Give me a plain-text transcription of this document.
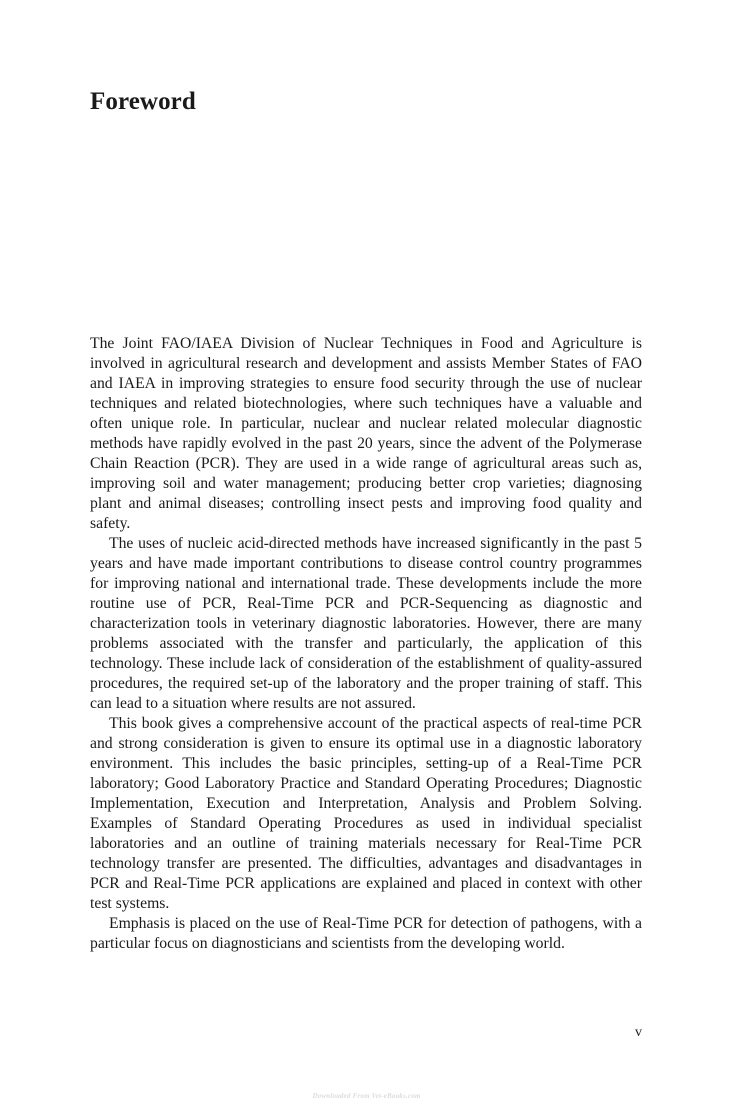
Foreword

The Joint FAO/IAEA Division of Nuclear Techniques in Food and Agriculture is involved in agricultural research and development and assists Member States of FAO and IAEA in improving strategies to ensure food security through the use of nuclear techniques and related biotechnologies, where such techniques have a valuable and often unique role. In particular, nuclear and nuclear related molecular diagnostic methods have rapidly evolved in the past 20 years, since the advent of the Polymerase Chain Reaction (PCR). They are used in a wide range of agricultural areas such as, improving soil and water management; producing better crop varieties; diagnosing plant and animal diseases; controlling insect pests and improving food quality and safety.

The uses of nucleic acid-directed methods have increased significantly in the past 5 years and have made important contributions to disease control country programmes for improving national and international trade. These developments include the more routine use of PCR, Real-Time PCR and PCR-Sequencing as diagnostic and characterization tools in veterinary diagnostic laboratories. However, there are many problems associated with the transfer and particularly, the application of this technology. These include lack of consideration of the establishment of quality-assured procedures, the required set-up of the laboratory and the proper training of staff. This can lead to a situation where results are not assured.

This book gives a comprehensive account of the practical aspects of real-time PCR and strong consideration is given to ensure its optimal use in a diagnostic laboratory environment. This includes the basic principles, setting-up of a Real-Time PCR laboratory; Good Laboratory Practice and Standard Operating Procedures; Diagnostic Implementation, Execution and Interpretation, Analysis and Problem Solving. Examples of Standard Operating Procedures as used in individual specialist laboratories and an outline of training materials necessary for Real-Time PCR technology transfer are presented. The difficulties, advantages and disadvantages in PCR and Real-Time PCR applications are explained and placed in context with other test systems.

Emphasis is placed on the use of Real-Time PCR for detection of pathogens, with a particular focus on diagnosticians and scientists from the developing world.

v
Downloaded From Vet-eBooks.com
